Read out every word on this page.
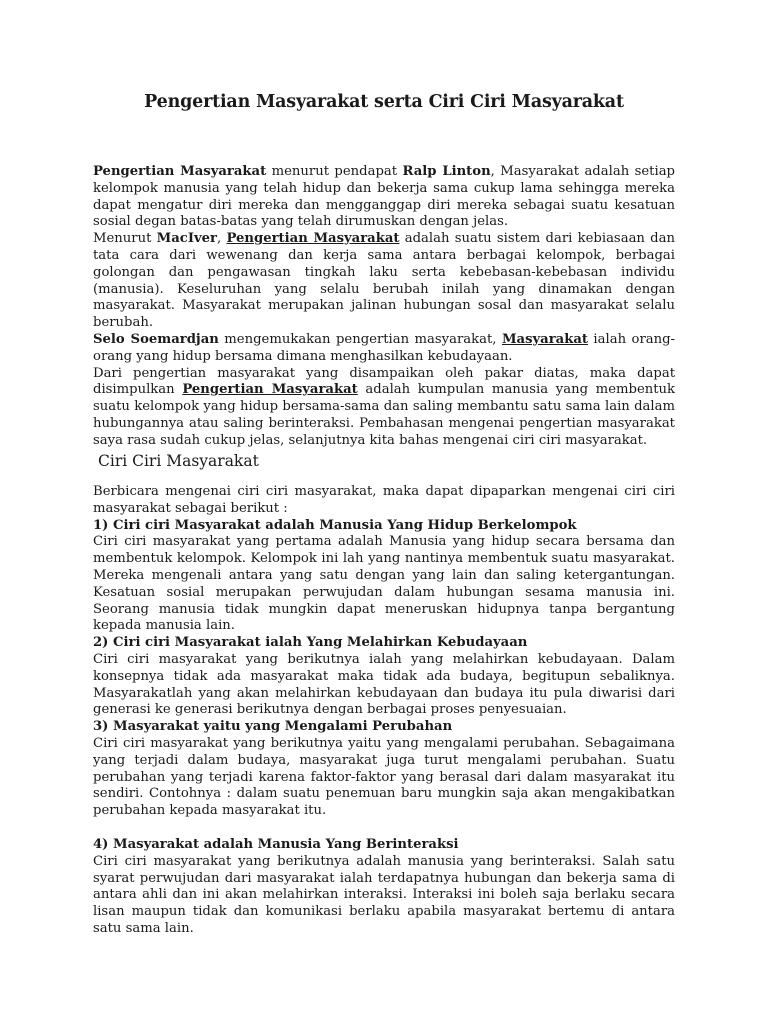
Pengertian Masyarakat serta Ciri Ciri Masyarakat

Pengertian Masyarakat menurut pendapat Ralp Linton, Masyarakat adalah setiap kelompok manusia yang telah hidup dan bekerja sama cukup lama sehingga mereka dapat mengatur diri mereka dan mengganggap diri mereka sebagai suatu kesatuan sosial degan batas-batas yang telah dirumuskan dengan jelas.

Menurut MacIver, Pengertian Masyarakat adalah suatu sistem dari kebiasaan dan tata cara dari wewenang dan kerja sama antara berbagai kelompok, berbagai golongan dan pengawasan tingkah laku serta kebebasan-kebebasan individu (manusia). Keseluruhan yang selalu berubah inilah yang dinamakan dengan masyarakat. Masyarakat merupakan jalinan hubungan sosal dan masyarakat selalu berubah.

Selo Soemardjan mengemukakan pengertian masyarakat, Masyarakat ialah orang-orang yang hidup bersama dimana menghasilkan kebudayaan.

Dari pengertian masyarakat yang disampaikan oleh pakar diatas, maka dapat disimpulkan Pengertian Masyarakat adalah kumpulan manusia yang membentuk suatu kelompok yang hidup bersama-sama dan saling membantu satu sama lain dalam hubungannya atau saling berinteraksi. Pembahasan mengenai pengertian masyarakat saya rasa sudah cukup jelas, selanjutnya kita bahas mengenai ciri ciri masyarakat.

Ciri Ciri Masyarakat

Berbicara mengenai ciri ciri masyarakat, maka dapat dipaparkan mengenai ciri ciri masyarakat sebagai berikut :

1) Ciri ciri Masyarakat adalah Manusia Yang Hidup Berkelompok

Ciri ciri masyarakat yang pertama adalah Manusia yang hidup secara bersama dan membentuk kelompok. Kelompok ini lah yang nantinya membentuk suatu masyarakat. Mereka mengenali antara yang satu dengan yang lain dan saling ketergantungan. Kesatuan sosial merupakan perwujudan dalam hubungan sesama manusia ini. Seorang manusia tidak mungkin dapat meneruskan hidupnya tanpa bergantung kepada manusia lain.

2) Ciri ciri Masyarakat ialah Yang Melahirkan Kebudayaan

Ciri ciri masyarakat yang berikutnya ialah yang melahirkan kebudayaan. Dalam konsepnya tidak ada masyarakat maka tidak ada budaya, begitupun sebaliknya. Masyarakatlah yang akan melahirkan kebudayaan dan budaya itu pula diwarisi dari generasi ke generasi berikutnya dengan berbagai proses penyesuaian.

3) Masyarakat yaitu yang Mengalami Perubahan

Ciri ciri masyarakat yang berikutnya yaitu yang mengalami perubahan. Sebagaimana yang terjadi dalam budaya, masyarakat juga turut mengalami perubahan. Suatu perubahan yang terjadi karena faktor-faktor yang berasal dari dalam masyarakat itu sendiri. Contohnya : dalam suatu penemuan baru mungkin saja akan mengakibatkan perubahan kepada masyarakat itu.

4) Masyarakat adalah Manusia Yang Berinteraksi

Ciri ciri masyarakat yang berikutnya adalah manusia yang berinteraksi. Salah satu syarat perwujudan dari masyarakat ialah terdapatnya hubungan dan bekerja sama di antara ahli dan ini akan melahirkan interaksi. Interaksi ini boleh saja berlaku secara lisan maupun tidak dan komunikasi berlaku apabila masyarakat bertemu di antara satu sama lain.
